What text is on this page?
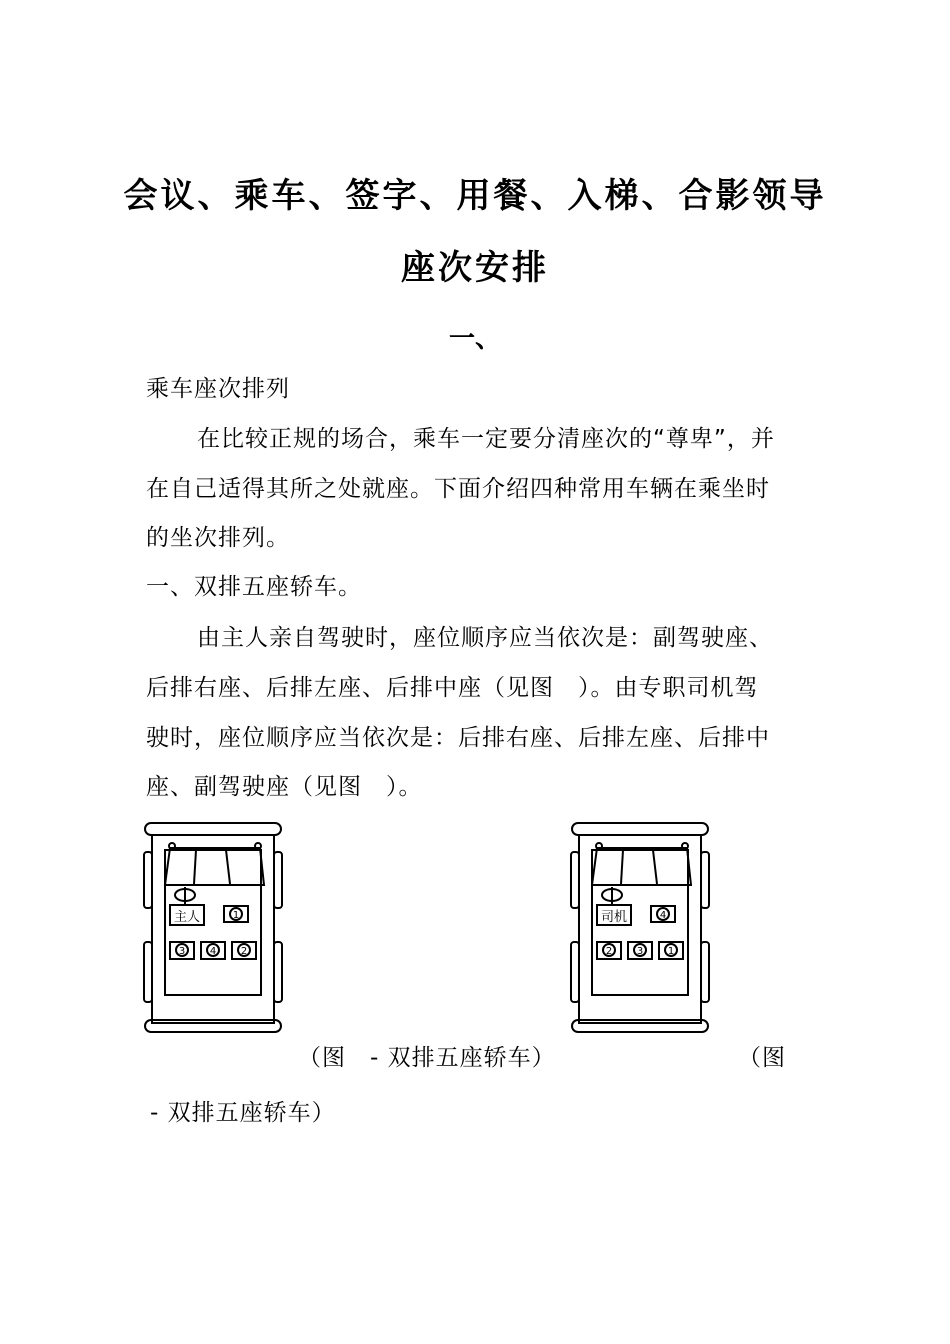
会议、乘车、签字、用餐、入梯、合影领导
座次安排
一、
乘车座次排列
在比较正规的场合，乘车一定要分清座次的“尊卑”，并
在自己适得其所之处就座。下面介绍四种常用车辆在乘坐时
的坐次排列。
一、双排五座轿车。
由主人亲自驾驶时，座位顺序应当依次是：副驾驶座、
后排右座、后排左座、后排中座（见图　）。由专职司机驾
驶时，座位顺序应当依次是：后排右座、后排左座、后排中
座、副驾驶座（见图　）。
主人	1
3 4 2
司机	4
2 3 1
（图　- 双排五座轿车）	（图
- 双排五座轿车）
